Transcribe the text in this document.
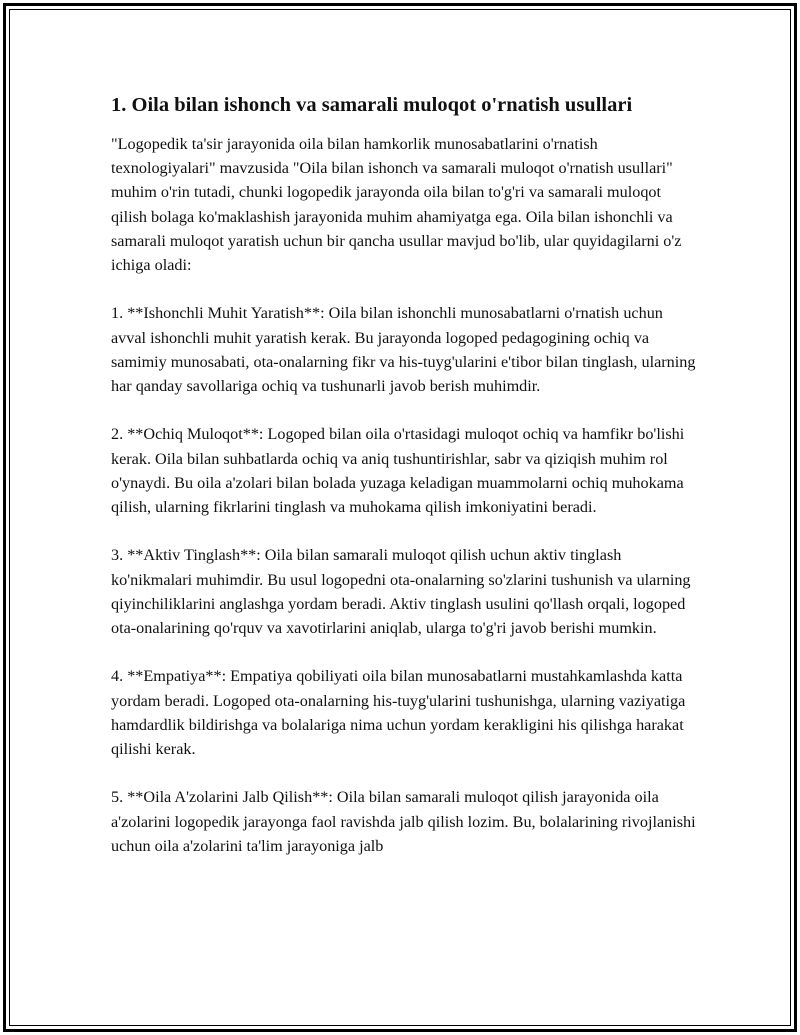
1. Oila bilan ishonch va samarali muloqot o'rnatish usullari

"Logopedik ta'sir jarayonida oila bilan hamkorlik munosabatlarini o'rnatish texnologiyalari" mavzusida "Oila bilan ishonch va samarali muloqot o'rnatish usullari" muhim o'rin tutadi, chunki logopedik jarayonda oila bilan to'g'ri va samarali muloqot qilish bolaga ko'maklashish jarayonida muhim ahamiyatga ega. Oila bilan ishonchli va samarali muloqot yaratish uchun bir qancha usullar mavjud bo'lib, ular quyidagilarni o'z ichiga oladi:

1. **Ishonchli Muhit Yaratish**: Oila bilan ishonchli munosabatlarni o'rnatish uchun avval ishonchli muhit yaratish kerak. Bu jarayonda logoped pedagogining ochiq va samimiy munosabati, ota-onalarning fikr va his-tuyg'ularini e'tibor bilan tinglash, ularning har qanday savollariga ochiq va tushunarli javob berish muhimdir.

2. **Ochiq Muloqot**: Logoped bilan oila o'rtasidagi muloqot ochiq va hamfikr bo'lishi kerak. Oila bilan suhbatlarda ochiq va aniq tushuntirishlar, sabr va qiziqish muhim rol o'ynaydi. Bu oila a'zolari bilan bolada yuzaga keladigan muammolarni ochiq muhokama qilish, ularning fikrlarini tinglash va muhokama qilish imkoniyatini beradi.

3. **Aktiv Tinglash**: Oila bilan samarali muloqot qilish uchun aktiv tinglash ko'nikmalari muhimdir. Bu usul logopedni ota-onalarning so'zlarini tushunish va ularning qiyinchiliklarini anglashga yordam beradi. Aktiv tinglash usulini qo'llash orqali, logoped ota-onalarining qo'rquv va xavotirlarini aniqlab, ularga to'g'ri javob berishi mumkin.

4. **Empatiya**: Empatiya qobiliyati oila bilan munosabatlarni mustahkamlashda katta yordam beradi. Logoped ota-onalarning his-tuyg'ularini tushunishga, ularning vaziyatiga hamdardlik bildirishga va bolalariga nima uchun yordam kerakligini his qilishga harakat qilishi kerak.

5. **Oila A'zolarini Jalb Qilish**: Oila bilan samarali muloqot qilish jarayonida oila a'zolarini logopedik jarayonga faol ravishda jalb qilish lozim. Bu, bolalarining rivojlanishi uchun oila a'zolarini ta'lim jarayoniga jalb
